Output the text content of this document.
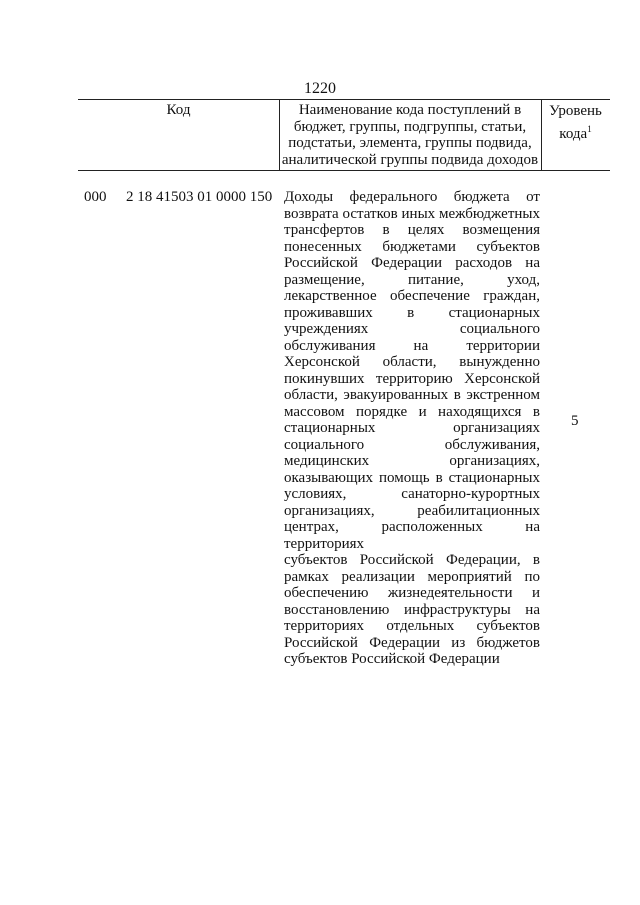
1220
Код	Наименование кода поступлений в бюджет, группы, подгруппы, статьи, подстатьи, элемента, группы подвида, аналитической группы подвида доходов
Уровень кода$^1$
000 2 18 41503 01 0000 150 Доходы федерального бюджета от
возврата остатков иных межбюджетных
трансфертов в целях возмещения
понесенных бюджетами субъектов
Российской Федерации расходов на
размещение, питание, уход,
лекарственное обеспечение граждан,
проживавших в стационарных
учреждениях социального
обслуживания на территории
Херсонской области, вынужденно
покинувших территорию Херсонской
области, эвакуированных в экстренном
массовом порядке и находящихся в
стационарных организациях
социального обслуживания,
медицинских организациях,
оказывающих помощь в стационарных
условиях, санаторно-курортных
организациях, реабилитационных
центрах, расположенных на территориях
субъектов Российской Федерации, в
рамках реализации мероприятий по
обеспечению жизнедеятельности и
восстановлению инфраструктуры на
территориях отдельных субъектов
Российской Федерации из бюджетов
субъектов Российской Федерации
5
